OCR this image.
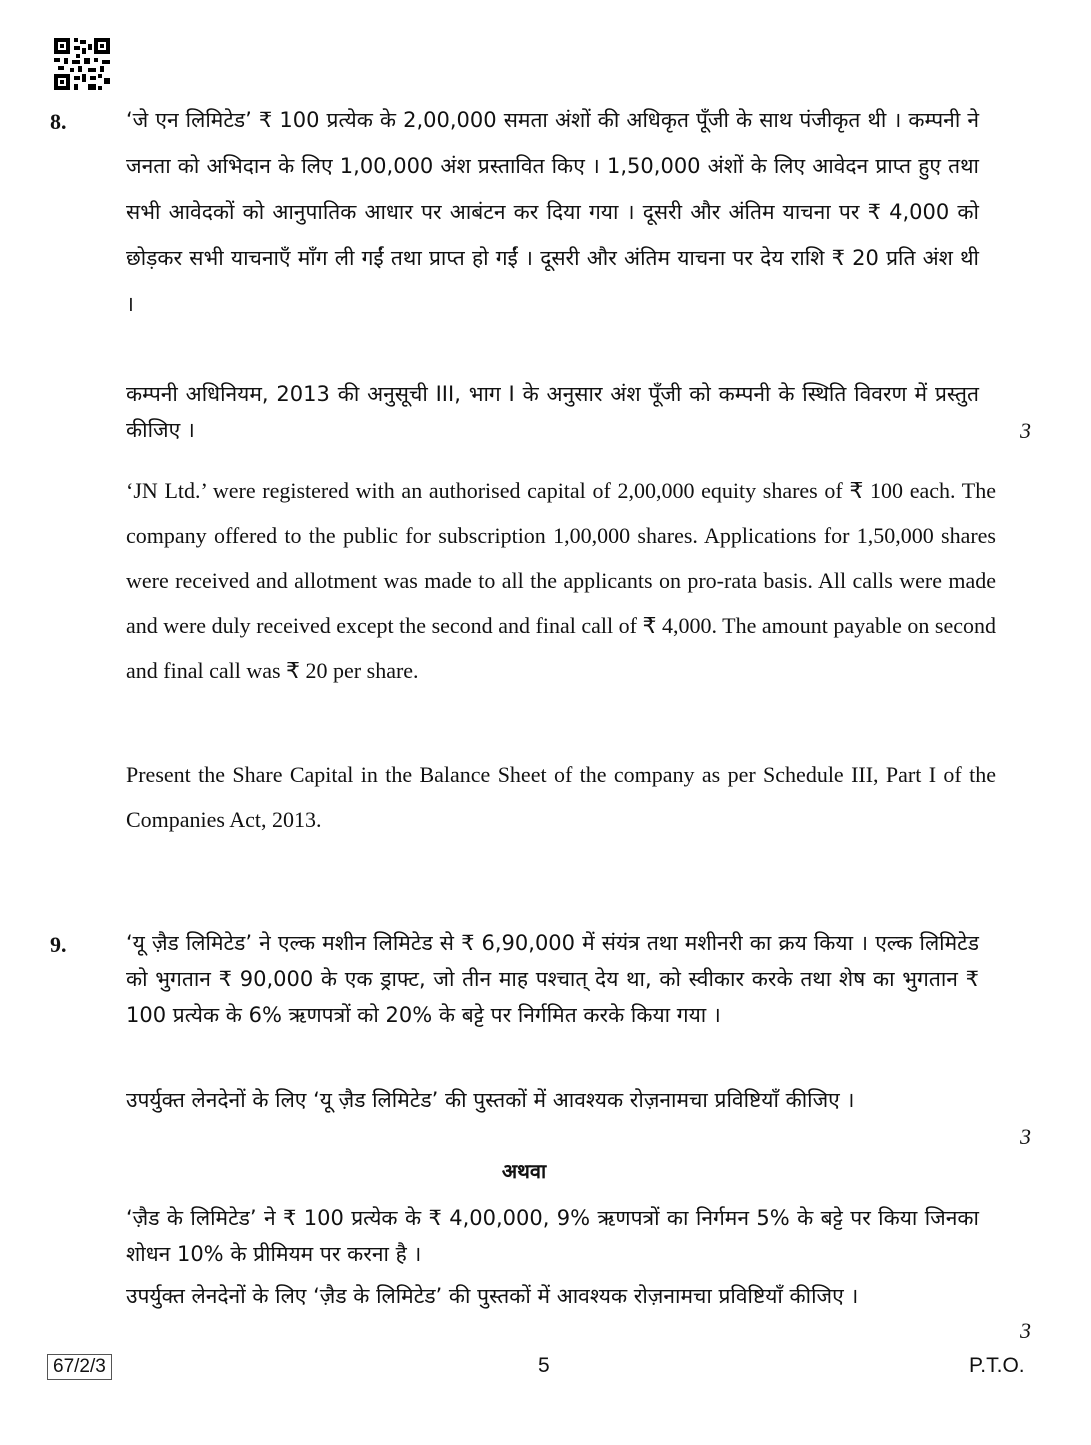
8.	‘जे एन लिमिटेड’ ₹ 100 प्रत्येक के 2,00,000 समता अंशों की अधिकृत पूँजी के साथ पंजीकृत थी । कम्पनी ने जनता को अभिदान के लिए 1,00,000 अंश प्रस्तावित किए । 1,50,000 अंशों के लिए आवेदन प्राप्त हुए तथा सभी आवेदकों को आनुपातिक आधार पर आबंटन कर दिया गया । दूसरी और अंतिम याचना पर ₹ 4,000 को छोड़कर सभी याचनाएँ माँग ली गईं तथा प्राप्त हो गईं । दूसरी और अंतिम याचना पर देय राशि ₹ 20 प्रति अंश थी ।

कम्पनी अधिनियम, 2013 की अनुसूची III, भाग I के अनुसार अंश पूँजी को कम्पनी के स्थिति विवरण में प्रस्तुत कीजिए ।	3

‘JN Ltd.’ were registered with an authorised capital of 2,00,000 equity shares of ₹ 100 each. The company offered to the public for subscription 1,00,000 shares. Applications for 1,50,000 shares were received and allotment was made to all the applicants on pro-rata basis. All calls were made and were duly received except the second and final call of ₹ 4,000. The amount payable on second and final call was ₹ 20 per share.

Present the Share Capital in the Balance Sheet of the company as per Schedule III, Part I of the Companies Act, 2013.

9.	‘यू ज़ैड लिमिटेड’ ने एल्क मशीन लिमिटेड से ₹ 6,90,000 में संयंत्र तथा मशीनरी का क्रय किया । एल्क लिमिटेड को भुगतान ₹ 90,000 के एक ड्राफ्ट, जो तीन माह पश्चात् देय था, को स्वीकार करके तथा शेष का भुगतान ₹ 100 प्रत्येक के 6% ऋणपत्रों को 20% के बट्टे पर निर्गमित करके किया गया ।

उपर्युक्त लेनदेनों के लिए ‘यू ज़ैड लिमिटेड’ की पुस्तकों में आवश्यक रोज़नामचा प्रविष्टियाँ कीजिए ।

3
अथवा

‘ज़ैड के लिमिटेड’ ने ₹ 100 प्रत्येक के ₹ 4,00,000, 9% ऋणपत्रों का निर्गमन 5% के बट्टे पर किया जिनका शोधन 10% के प्रीमियम पर करना है ।

उपर्युक्त लेनदेनों के लिए ‘ज़ैड के लिमिटेड’ की पुस्तकों में आवश्यक रोज़नामचा प्रविष्टियाँ कीजिए ।

3
67/2/3	5	P.T.O.
